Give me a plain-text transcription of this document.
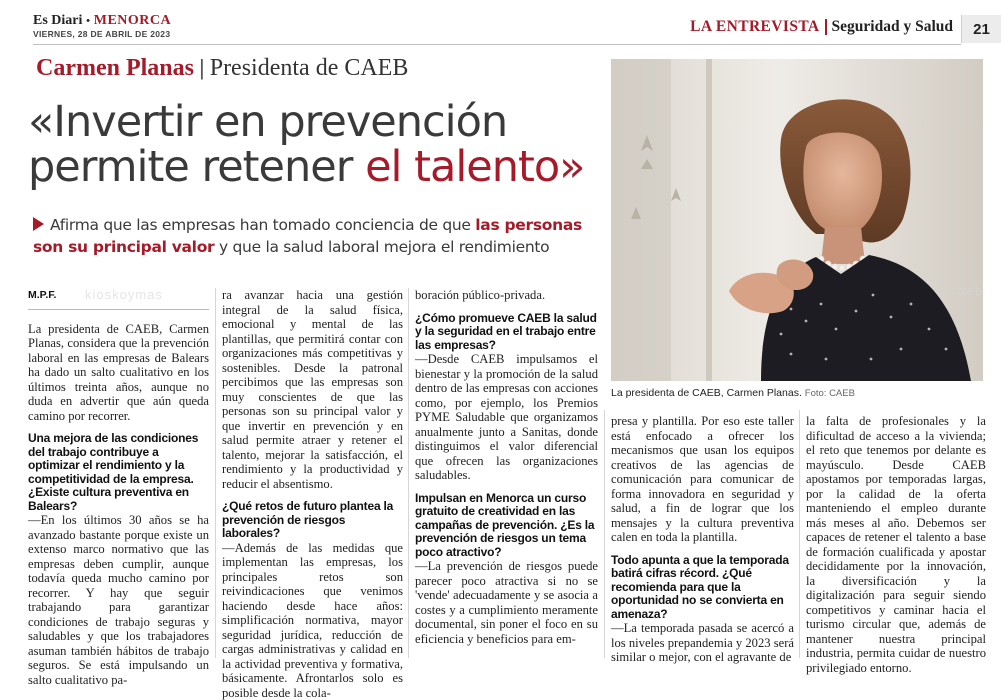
Es Diari • MENORCA
VIERNES, 28 DE ABRIL DE 2023	LA ENTREVISTA Seguridad y Salud	21
Carmen Planas | Presidenta de CAEB
«Invertir en prevención permite retener el talento»
Afirma que las empresas han tomado conciencia de que las personas son su principal valor y que la salud laboral mejora el rendimiento
@caeb
La presidenta de CAEB, Carmen Planas. Foto: CAEB
M.P.F.

La presidenta de CAEB, Carmen Planas, considera que la prevención laboral en las empresas de Balears ha dado un salto cualitativo en los últimos treinta años, aunque no duda en advertir que aún queda camino por recorrer.

Una mejora de las condiciones del trabajo contribuye a optimizar el rendimiento y la competitividad de la empresa. ¿Existe cultura preventiva en Balears?

—En los últimos 30 años se ha avanzado bastante porque existe un extenso marco normativo que las empresas deben cumplir, aunque todavía queda mucho camino por recorrer. Y hay que seguir trabajando para garantizar condiciones de trabajo seguras y saludables y que los trabajadores asuman también hábitos de trabajo seguros. Se está impulsando un salto cualitativo pa-

ra avanzar hacia una gestión integral de la salud física, emocional y mental de las plantillas, que permitirá contar con organizaciones más competitivas y sostenibles. Desde la patronal percibimos que las empresas son muy conscientes de que las personas son su principal valor y que invertir en prevención y en salud permite atraer y retener el talento, mejorar la satisfacción, el rendimiento y la productividad y reducir el absentismo.

¿Qué retos de futuro plantea la prevención de riesgos laborales?

—Además de las medidas que implementan las empresas, los principales retos son reivindicaciones que venimos haciendo desde hace años: simplificación normativa, mayor seguridad jurídica, reducción de cargas administrativas y calidad en la actividad preventiva y formativa, básicamente. Afrontarlos solo es posible desde la cola-

boración público-privada.

¿Cómo promueve CAEB la salud y la seguridad en el trabajo entre las empresas?

—Desde CAEB impulsamos el bienestar y la promoción de la salud dentro de las empresas con acciones como, por ejemplo, los Premios PYME Saludable que organizamos anualmente junto a Sanitas, donde distinguimos el valor diferencial que ofrecen las organizaciones saludables.

Impulsan en Menorca un curso gratuito de creatividad en las campañas de prevención. ¿Es la prevención de riesgos un tema poco atractivo?

—La prevención de riesgos puede parecer poco atractiva si no se 'vende' adecuadamente y se asocia a costes y a cumplimiento meramente documental, sin poner el foco en su eficiencia y beneficios para em-

presa y plantilla. Por eso este taller está enfocado a ofrecer los mecanismos que usan los equipos creativos de las agencias de comunicación para comunicar de forma innovadora en seguridad y salud, a fin de lograr que los mensajes y la cultura preventiva calen en toda la plantilla.

Todo apunta a que la temporada batirá cifras récord. ¿Qué recomienda para que la oportunidad no se convierta en amenaza?

—La temporada pasada se acercó a los niveles prepandemia y 2023 será similar o mejor, con el agravante de

la falta de profesionales y la dificultad de acceso a la vivienda; el reto que tenemos por delante es mayúsculo. Desde CAEB apostamos por temporadas largas, por la calidad de la oferta manteniendo el empleo durante más meses al año. Debemos ser capaces de retener el talento a base de formación cualificada y apostar decididamente por la innovación, la diversificación y la digitalización para seguir siendo competitivos y caminar hacia el turismo circular que, además de mantener nuestra principal industria, permita cuidar de nuestro privilegiado entorno.

kioskoymas
